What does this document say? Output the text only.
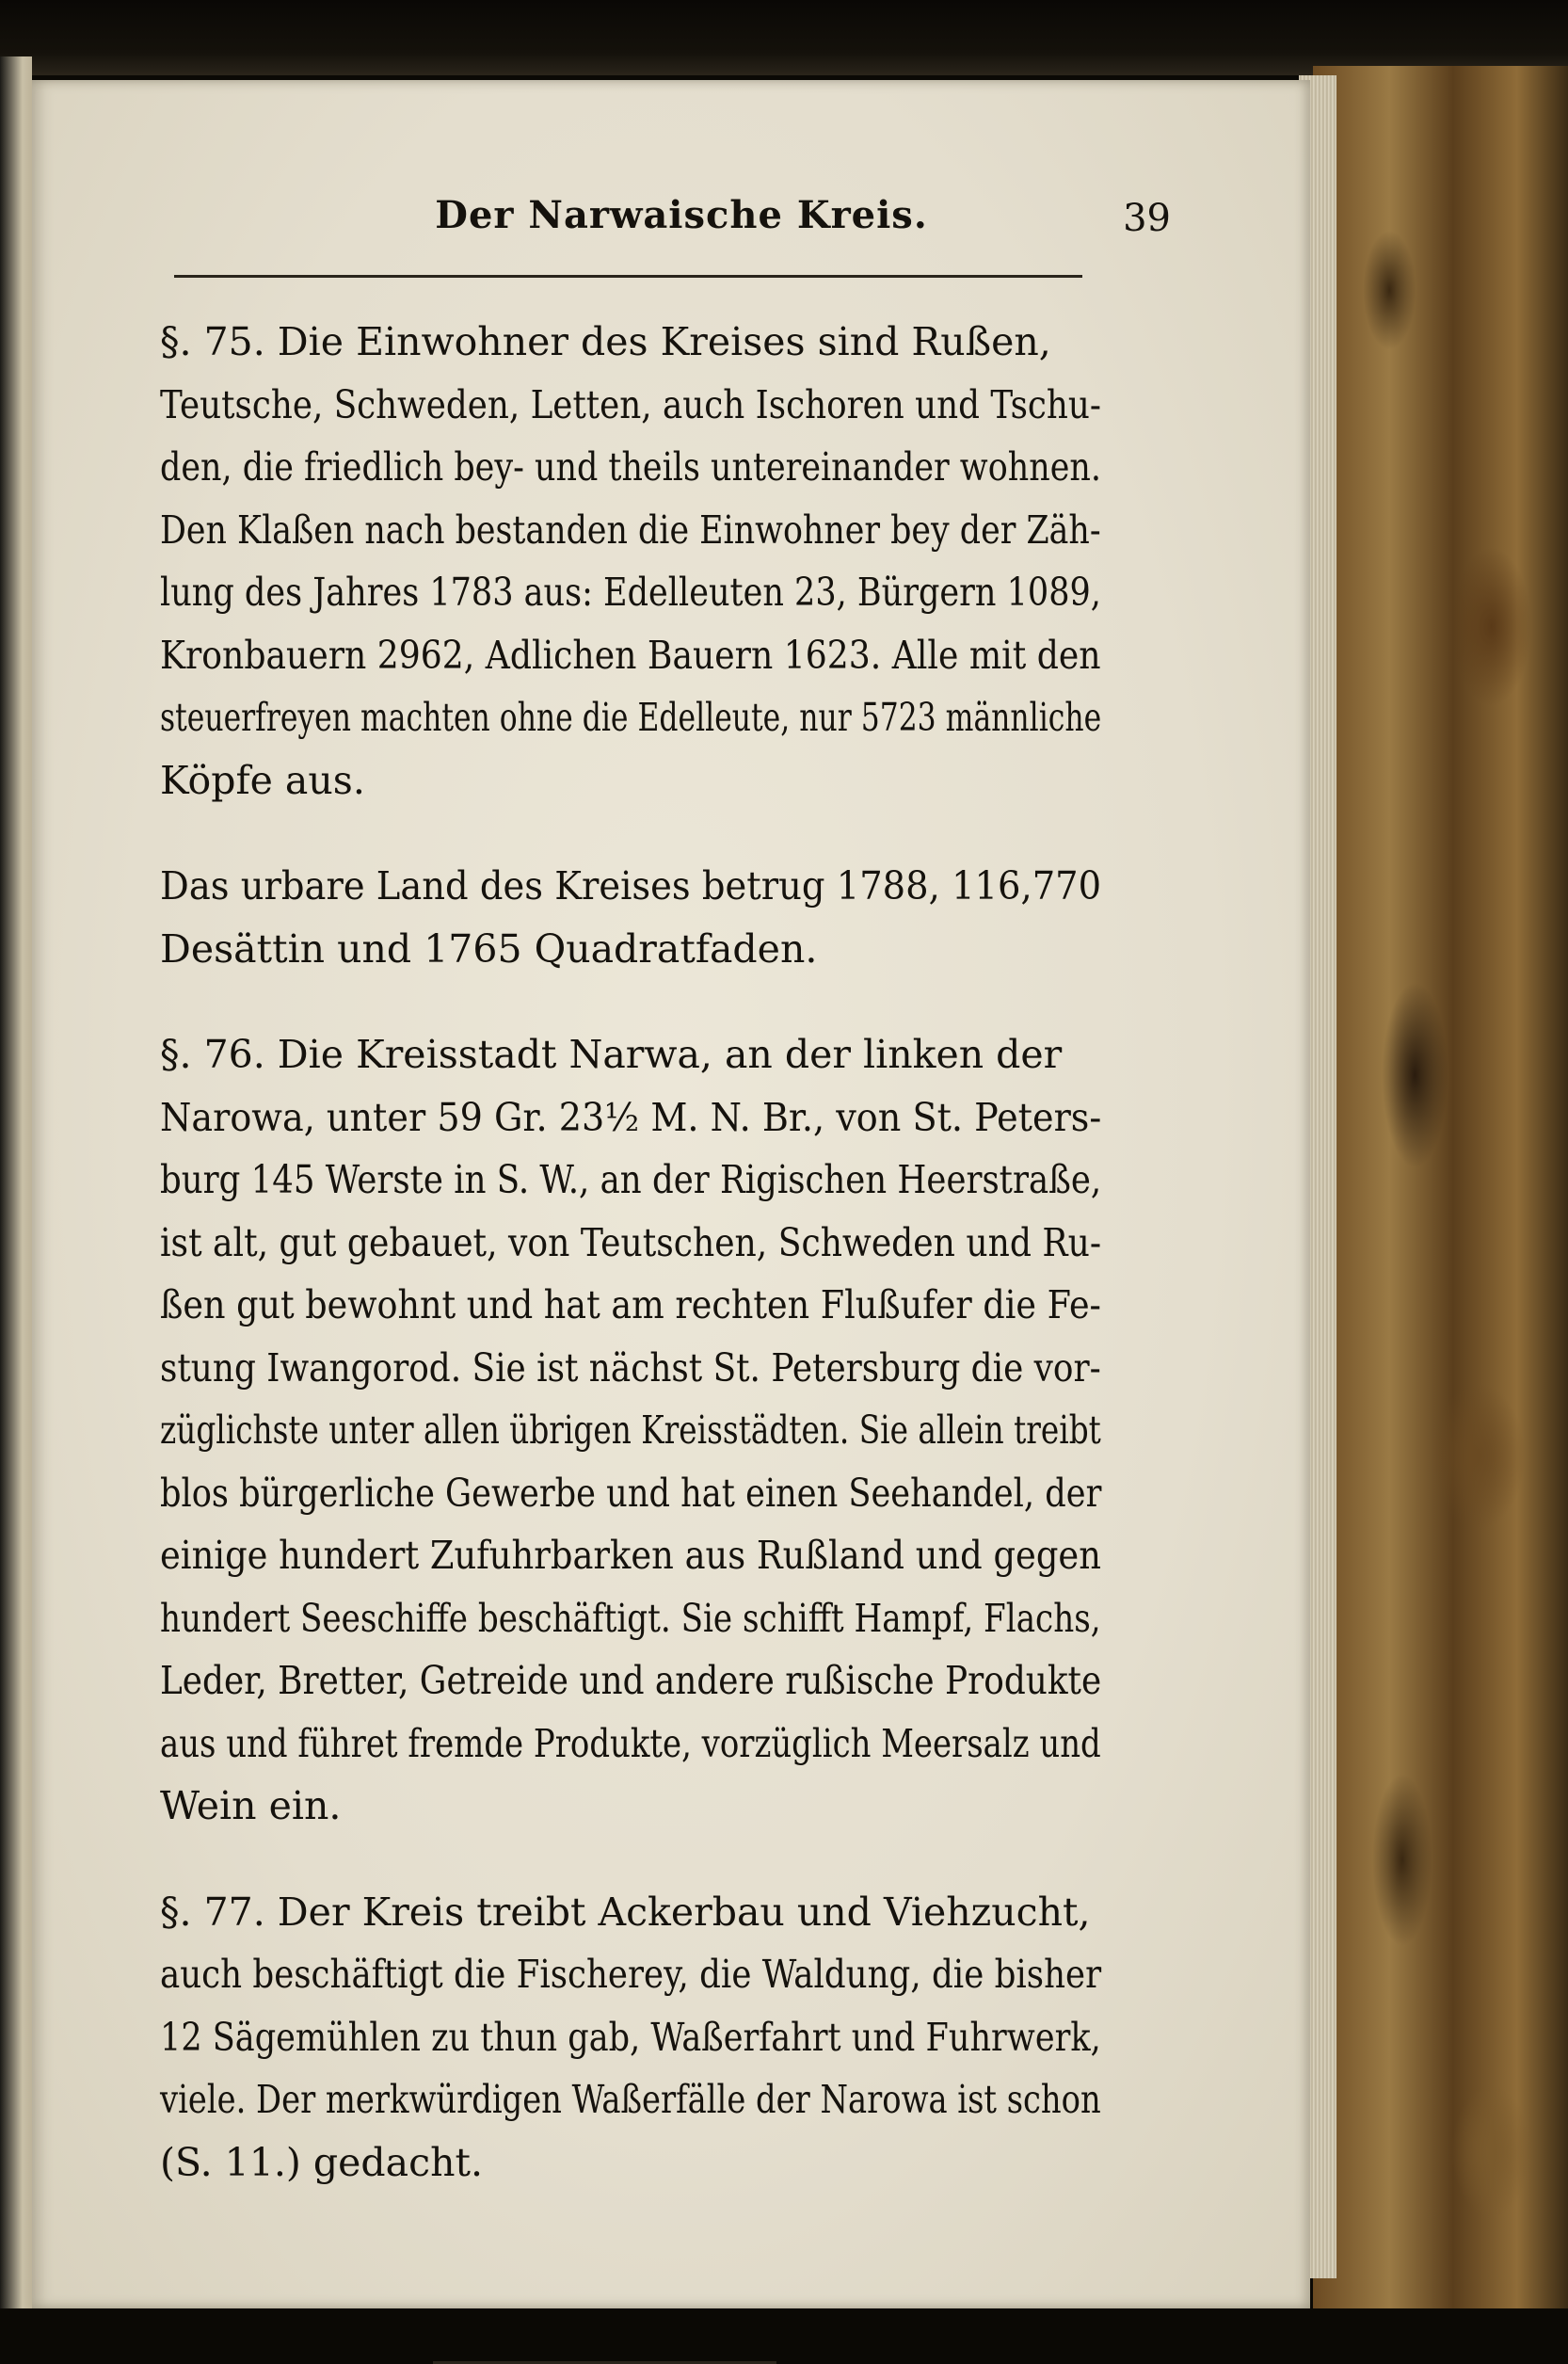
Der Narwaische Kreis.	39

§. 75. Die Einwohner des Kreises sind Rußen,
Teutsche, Schweden, Letten, auch Ischoren und Tschu-
den, die friedlich bey- und theils untereinander wohnen.
Den Klaßen nach bestanden die Einwohner bey der Zäh-
lung des Jahres 1783 aus: Edelleuten 23, Bürgern 1089,
Kronbauern 2962, Adlichen Bauern 1623. Alle mit den
steuerfreyen machten ohne die Edelleute, nur 5723 männliche
Köpfe aus.

Das urbare Land des Kreises betrug 1788, 116,770
Desättin und 1765 Quadratfaden.

§. 76. Die Kreisstadt Narwa, an der linken der
Narowa, unter 59 Gr. 23½ M. N. Br., von St. Peters-
burg 145 Werste in S. W., an der Rigischen Heerstraße,
ist alt, gut gebauet, von Teutschen, Schweden und Ru-
ßen gut bewohnt und hat am rechten Flußufer die Fe-
stung Iwangorod. Sie ist nächst St. Petersburg die vor-
züglichste unter allen übrigen Kreisstädten. Sie allein treibt
blos bürgerliche Gewerbe und hat einen Seehandel, der
einige hundert Zufuhrbarken aus Rußland und gegen
hundert Seeschiffe beschäftigt. Sie schifft Hampf, Flachs,
Leder, Bretter, Getreide und andere rußische Produkte
aus und führet fremde Produkte, vorzüglich Meersalz und
Wein ein.

§. 77. Der Kreis treibt Ackerbau und Viehzucht,
auch beschäftigt die Fischerey, die Waldung, die bisher
12 Sägemühlen zu thun gab, Waßerfahrt und Fuhrwerk,
viele. Der merkwürdigen Waßerfälle der Narowa ist schon
(S. 11.) gedacht.
